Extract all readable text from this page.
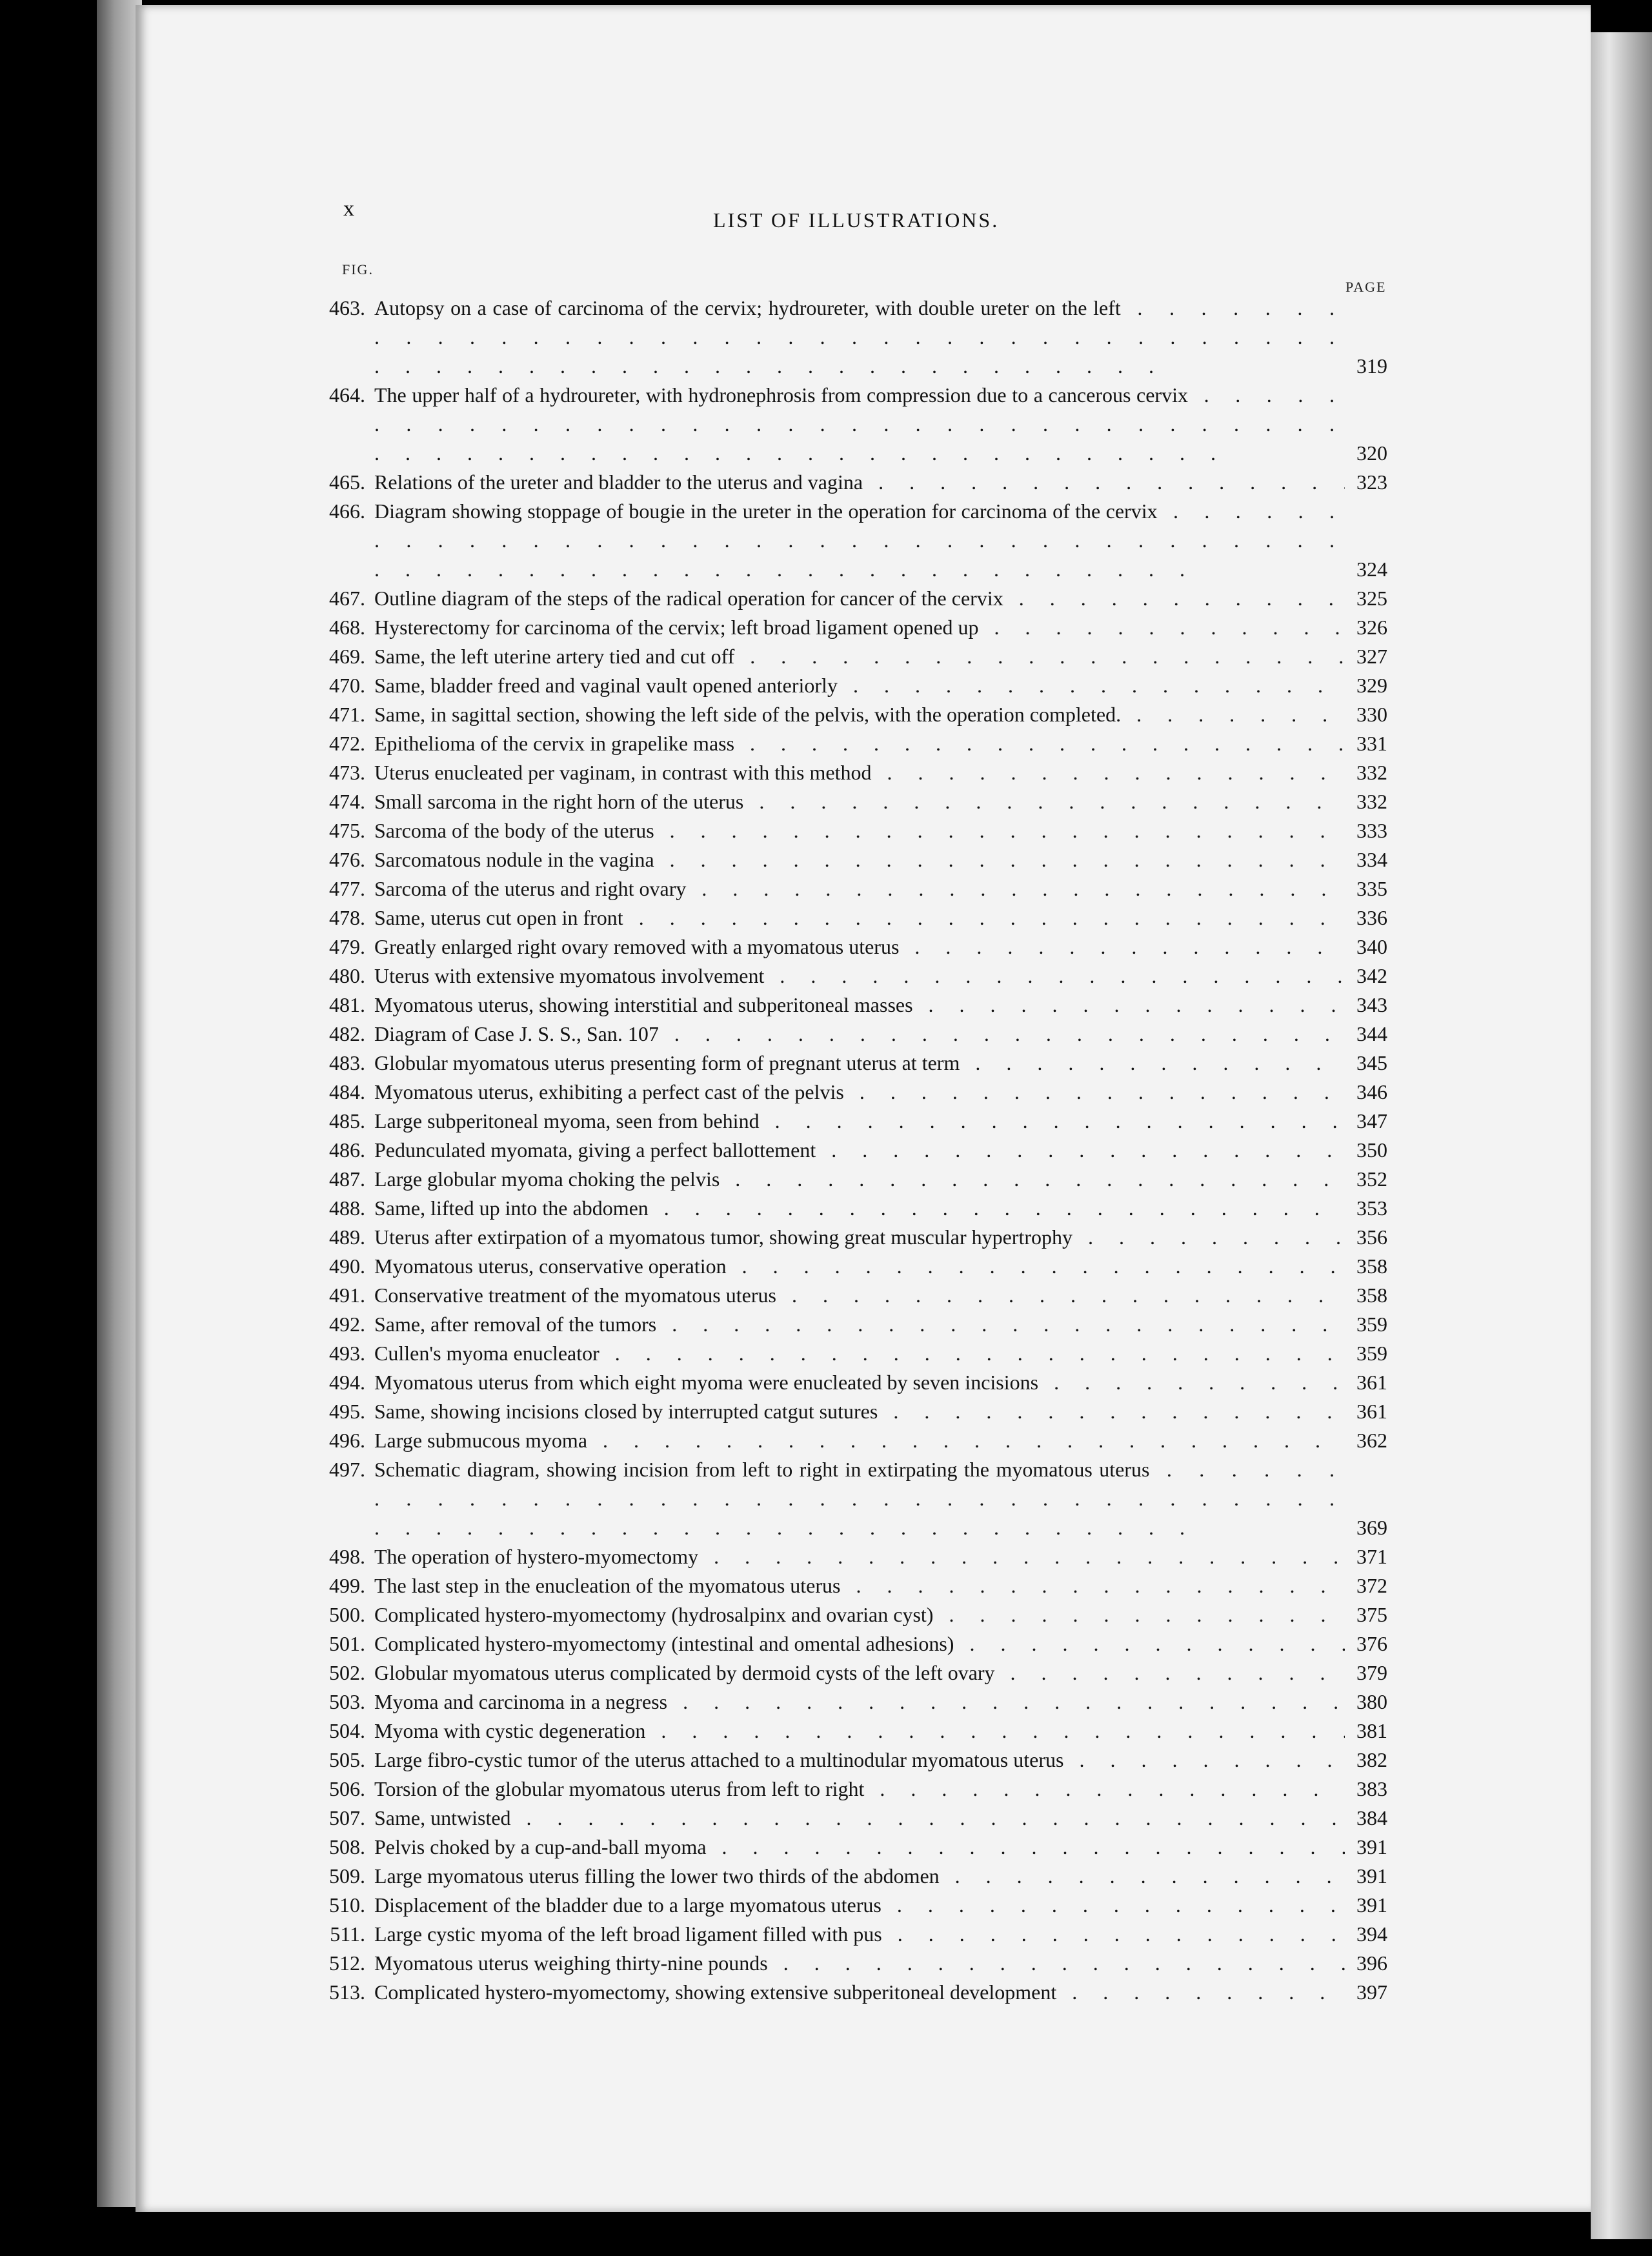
x	LIST OF ILLUSTRATIONS.
FIG.
PAGE
463. Autopsy on a case of carcinoma of the cervix; hydroureter, with double ureter on the left . . .
319
464. The upper half of a hydroureter, with hydronephrosis from compression due to a cancerous cervix . . .
320
465. Relations of the ureter and bladder to the uterus and vagina . . .	323
466. Diagram showing stoppage of bougie in the ureter in the operation for carcinoma of the cervix . . .
324
467. Outline diagram of the steps of the radical operation for cancer of the cervix . . .	325
468. Hysterectomy for carcinoma of the cervix; left broad ligament opened up . . .	326
469. Same, the left uterine artery tied and cut off . . .	327
470. Same, bladder freed and vaginal vault opened anteriorly . . .	329
471. Same, in sagittal section, showing the left side of the pelvis, with the operation completed. . . .	330
472. Epithelioma of the cervix in grapelike mass . . .	331
473. Uterus enucleated per vaginam, in contrast with this method . . .	332
474. Small sarcoma in the right horn of the uterus . . .	332
475. Sarcoma of the body of the uterus . . .	333
476. Sarcomatous nodule in the vagina . . .	334
477. Sarcoma of the uterus and right ovary . . .	335
478. Same, uterus cut open in front . . .	336
479. Greatly enlarged right ovary removed with a myomatous uterus . . .	340
480. Uterus with extensive myomatous involvement . . .	342
481. Myomatous uterus, showing interstitial and subperitoneal masses . . .	343
482. Diagram of Case J. S. S., San. 107 . . .	344
483. Globular myomatous uterus presenting form of pregnant uterus at term . . .	345
484. Myomatous uterus, exhibiting a perfect cast of the pelvis . . .	346
485. Large subperitoneal myoma, seen from behind . . .	347
486. Pedunculated myomata, giving a perfect ballottement . . .	350
487. Large globular myoma choking the pelvis . . .	352
488. Same, lifted up into the abdomen . . .	353
489. Uterus after extirpation of a myomatous tumor, showing great muscular hypertrophy . . .	356
490. Myomatous uterus, conservative operation . . .	358
491. Conservative treatment of the myomatous uterus . . .	358
492. Same, after removal of the tumors . . .	359
493. Cullen's myoma enucleator . . .	359
494. Myomatous uterus from which eight myoma were enucleated by seven incisions . . .	361
495. Same, showing incisions closed by interrupted catgut sutures . . .	361
496. Large submucous myoma . . .	362
497. Schematic diagram, showing incision from left to right in extirpating the myomatous uterus . . .
369
498. The operation of hystero-myomectomy . . .	371
499. The last step in the enucleation of the myomatous uterus . . .	372
500. Complicated hystero-myomectomy (hydrosalpinx and ovarian cyst) . . .	375
501. Complicated hystero-myomectomy (intestinal and omental adhesions) . . .	376
502. Globular myomatous uterus complicated by dermoid cysts of the left ovary . . .	379
503. Myoma and carcinoma in a negress . . .	380
504. Myoma with cystic degeneration . . .	381
505. Large fibro-cystic tumor of the uterus attached to a multinodular myomatous uterus . . .	382
506. Torsion of the globular myomatous uterus from left to right . . .	383
507. Same, untwisted . . .	384
508. Pelvis choked by a cup-and-ball myoma . . .	391
509. Large myomatous uterus filling the lower two thirds of the abdomen . . .	391
510. Displacement of the bladder due to a large myomatous uterus . . .	391
511. Large cystic myoma of the left broad ligament filled with pus . . .	394
512. Myomatous uterus weighing thirty-nine pounds . . .	396
513. Complicated hystero-myomectomy, showing extensive subperitoneal development . . .	397
